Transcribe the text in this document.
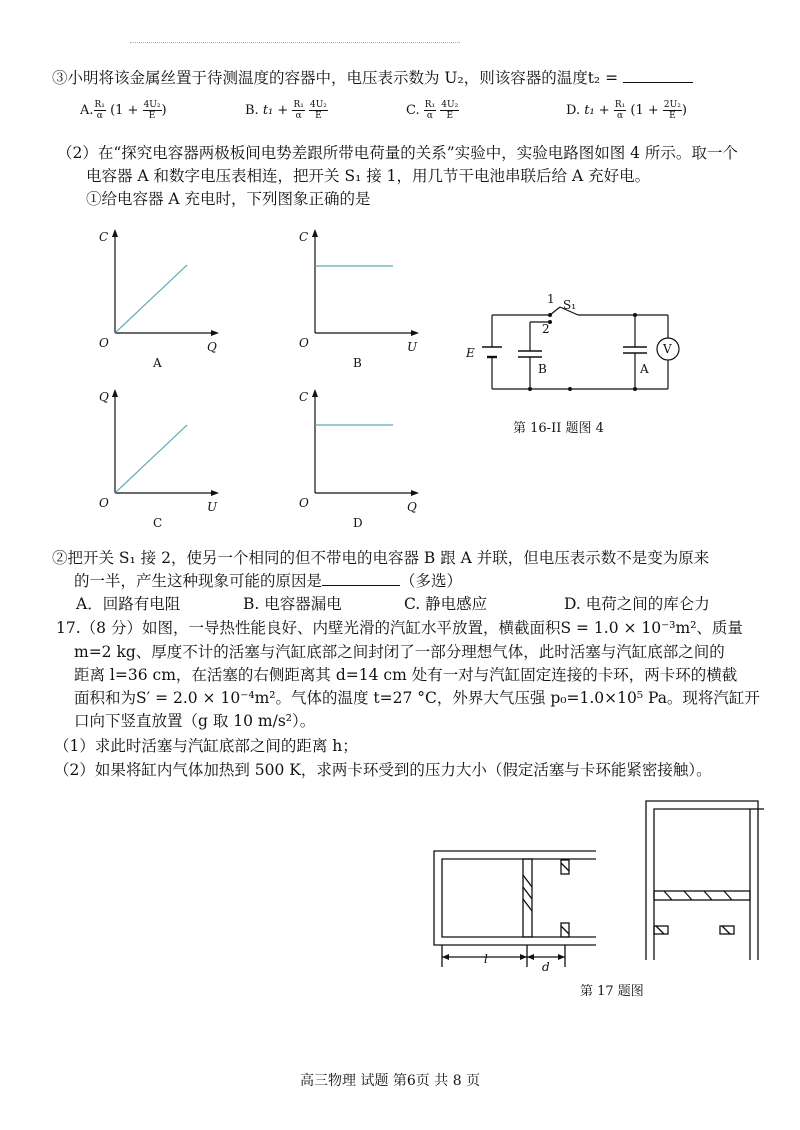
③小明将该金属丝置于待测温度的容器中，电压表示数为 U₂，则该容器的温度t₂ =
A. $\frac{\text{R₁}}{\alpha} (1 + \frac{\text{4U₂}}{E}$ )	B. $t_1 + \frac{\text{R₁}}{\alpha}$
$\frac{\text{4U₂}}{E}$	C. $\frac{\text{R₁}}{\alpha}$
$\frac{\text{4U₂}}{E}$	D. $t_1 + \frac{\text{R₁}}{\alpha} (1 + \frac{\text{2U₂}}{E}$ )
（2）在“探究电容器两极板间电势差跟所带电荷量的关系”实验中，实验电路图如图 4 所示。取一个
电容器 A 和数字电压表相连，把开关 S₁ 接 1，用几节干电池串联后给 A 充好电。
①给电容器 A 充电时，下列图象正确的是
C
Q
O
A
C
U
O
B
Q
U
O
C
C
Q
O
D
1
2
S₁
E
B	A
V
第 16-II 题图 4
②把开关 S₁ 接 2，使另一个相同的但不带电的电容器 B 跟 A 并联，但电压表示数不是变为原来
的一半，产生这种现象可能的原因是	（多选）
A．回路有电阻	B. 电容器漏电	C. 静电感应	D. 电荷之间的库仑力
17.（8 分）如图，一导热性能良好、内壁光滑的汽缸水平放置，横截面积S = 1.0 × 10⁻³m²、质量
m=2 kg、厚度不计的活塞与汽缸底部之间封闭了一部分理想气体，此时活塞与汽缸底部之间的
距离 l=36 cm，在活塞的右侧距离其 d=14 cm 处有一对与汽缸固定连接的卡环，两卡环的横截
面积和为S′ = 2.0 × 10⁻⁴m²。气体的温度 t=27 °C，外界大气压强 p₀=1.0×10⁵ Pa。现将汽缸开
口向下竖直放置（g 取 10 m/s²）。
（1）求此时活塞与汽缸底部之间的距离 h；
（2）如果将缸内气体加热到 500 K，求两卡环受到的压力大小（假定活塞与卡环能紧密接触）。
l
d
第 17 题图
高三物理 试题 第6页 共 8 页
